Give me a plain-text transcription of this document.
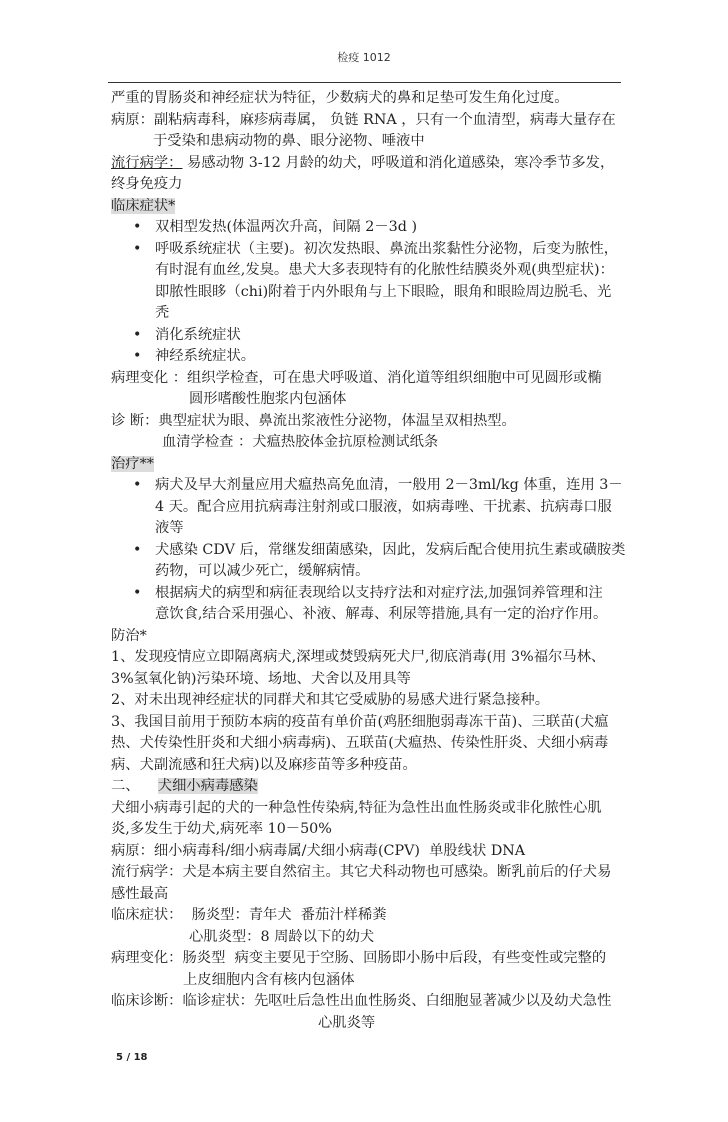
检疫 1012
严重的胃肠炎和神经症状为特征，少数病犬的鼻和足垫可发生角化过度。
病原：副粘病毒科，麻疹病毒属， 负链 RNA ，只有一个血清型，病毒大量存在
于受染和患病动物的鼻、眼分泌物、唾液中
流行病学： 易感动物 3-12 月龄的幼犬，呼吸道和消化道感染，寒冷季节多发，
终身免疫力
临床症状*
• 双相型发热(体温两次升高，间隔 2－3d )
• 呼吸系统症状（主要)。初次发热眼、鼻流出浆黏性分泌物，后变为脓性，
有时混有血丝,发臭。患犬大多表现特有的化脓性结膜炎外观(典型症状)：
即脓性眼眵（chi)附着于内外眼角与上下眼睑，眼角和眼睑周边脱毛、光
秃
• 消化系统症状
• 神经系统症状。
病理变化 ：组织学检查，可在患犬呼吸道、消化道等组织细胞中可见圆形或椭
圆形嗜酸性胞浆内包涵体
诊 断：典型症状为眼、鼻流出浆液性分泌物，体温呈双相热型。
血清学检查 ：犬瘟热胶体金抗原检测试纸条
治疗**
• 病犬及早大剂量应用犬瘟热高免血清，一般用 2－3ml/kg 体重，连用 3－
4 天。配合应用抗病毒注射剂或口服液，如病毒唑、干扰素、抗病毒口服
液等
• 犬感染 CDV 后，常继发细菌感染，因此，发病后配合使用抗生素或磺胺类
药物，可以减少死亡，缓解病情。
• 根据病犬的病型和病征表现给以支持疗法和对症疗法,加强饲养管理和注
意饮食,结合采用强心、补液、解毒、利尿等措施,具有一定的治疗作用。
防治*
1、发现疫情应立即隔离病犬,深埋或焚毁病死犬尸,彻底消毒(用 3%福尔马林、
3%氢氧化钠)污染环境、场地、犬舍以及用具等
2、对未出现神经症状的同群犬和其它受威胁的易感犬进行紧急接种。
3、我国目前用于预防本病的疫苗有单价苗(鸡胚细胞弱毒冻干苗)、三联苗(犬瘟
热、犬传染性肝炎和犬细小病毒病)、五联苗(犬瘟热、传染性肝炎、犬细小病毒
病、犬副流感和狂犬病)以及麻疹苗等多种疫苗。
二、    犬细小病毒感染
犬细小病毒引起的犬的一种急性传染病,特征为急性出血性肠炎或非化脓性心肌
炎,多发生于幼犬,病死率 10－50%
病原：细小病毒科/细小病毒属/犬细小病毒(CPV)  单股线状 DNA
流行病学：犬是本病主要自然宿主。其它犬科动物也可感染。断乳前后的仔犬易
感性最高
临床症状：  肠炎型：青年犬  番茄汁样稀粪
心肌炎型：8 周龄以下的幼犬
病理变化：肠炎型  病变主要见于空肠、回肠即小肠中后段，有些变性或完整的
上皮细胞内含有核内包涵体
临床诊断：临诊症状：先呕吐后急性出血性肠炎、白细胞显著减少以及幼犬急性
心肌炎等
5 / 18
